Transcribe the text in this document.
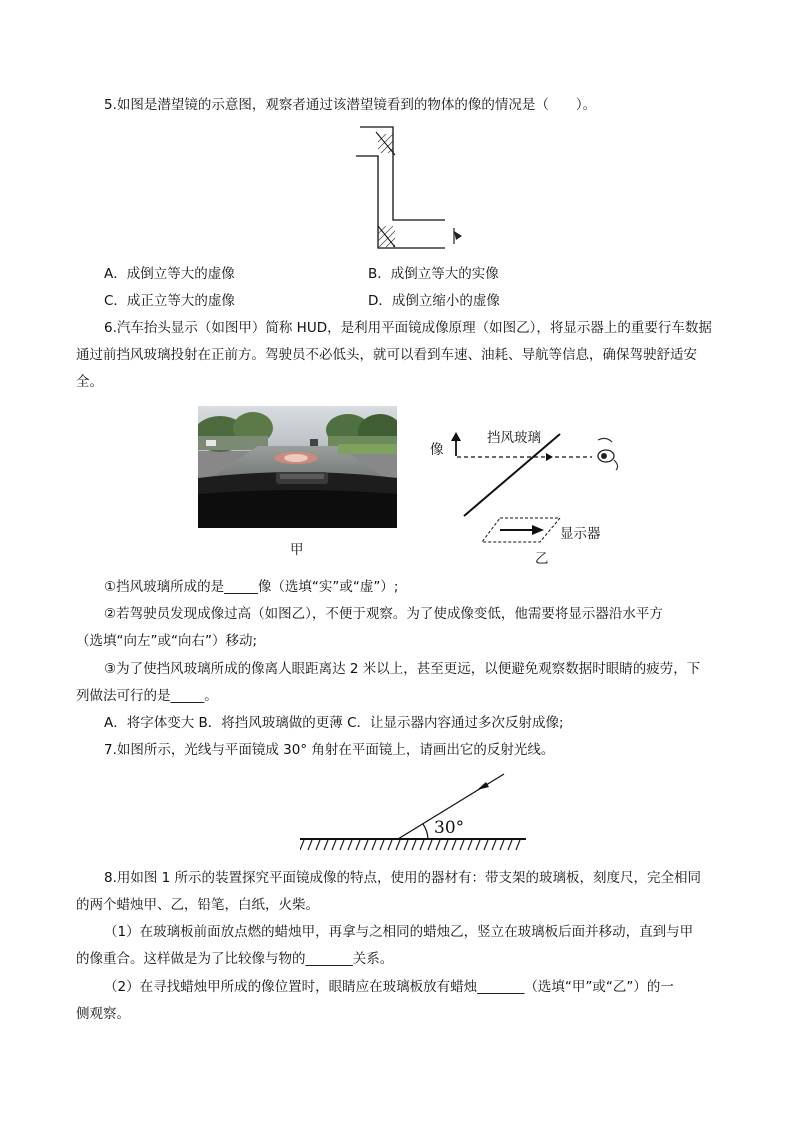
5.如图是潜望镜的示意图，观察者通过该潜望镜看到的物体的像的情况是（　　）。
A．成倒立等大的虚像	B．成倒立等大的实像
C．成正立等大的虚像	D．成倒立缩小的虚像
6.汽车抬头显示（如图甲）简称 HUD，是利用平面镜成像原理（如图乙），将显示器上的重要行车数据
通过前挡风玻璃投射在正前方。驾驶员不必低头，就可以看到车速、油耗、导航等信息，确保驾驶舒适安
全。
甲
像
挡风玻璃
显示器
乙
①挡风玻璃所成的是_____像（选填“实”或“虚”）;
②若驾驶员发现成像过高（如图乙），不便于观察。为了使成像变低，他需要将显示器沿水平方
（选填“向左”或“向右”）移动;
③为了使挡风玻璃所成的像离人眼距离达 2 米以上，甚至更远，以便避免观察数据时眼睛的疲劳，下
列做法可行的是_____。
A．将字体变大 B．将挡风玻璃做的更薄 C．让显示器内容通过多次反射成像;
7.如图所示，光线与平面镜成 30° 角射在平面镜上，请画出它的反射光线。
30°
8.用如图 1 所示的装置探究平面镜成像的特点，使用的器材有：带支架的玻璃板，刻度尺，完全相同
的两个蜡烛甲、乙，铅笔，白纸，火柴。
（1）在玻璃板前面放点燃的蜡烛甲，再拿与之相同的蜡烛乙，竖立在玻璃板后面并移动，直到与甲
的像重合。这样做是为了比较像与物的_______关系。
（2）在寻找蜡烛甲所成的像位置时，眼睛应在玻璃板放有蜡烛_______（选填“甲”或“乙”）的一
侧观察。
